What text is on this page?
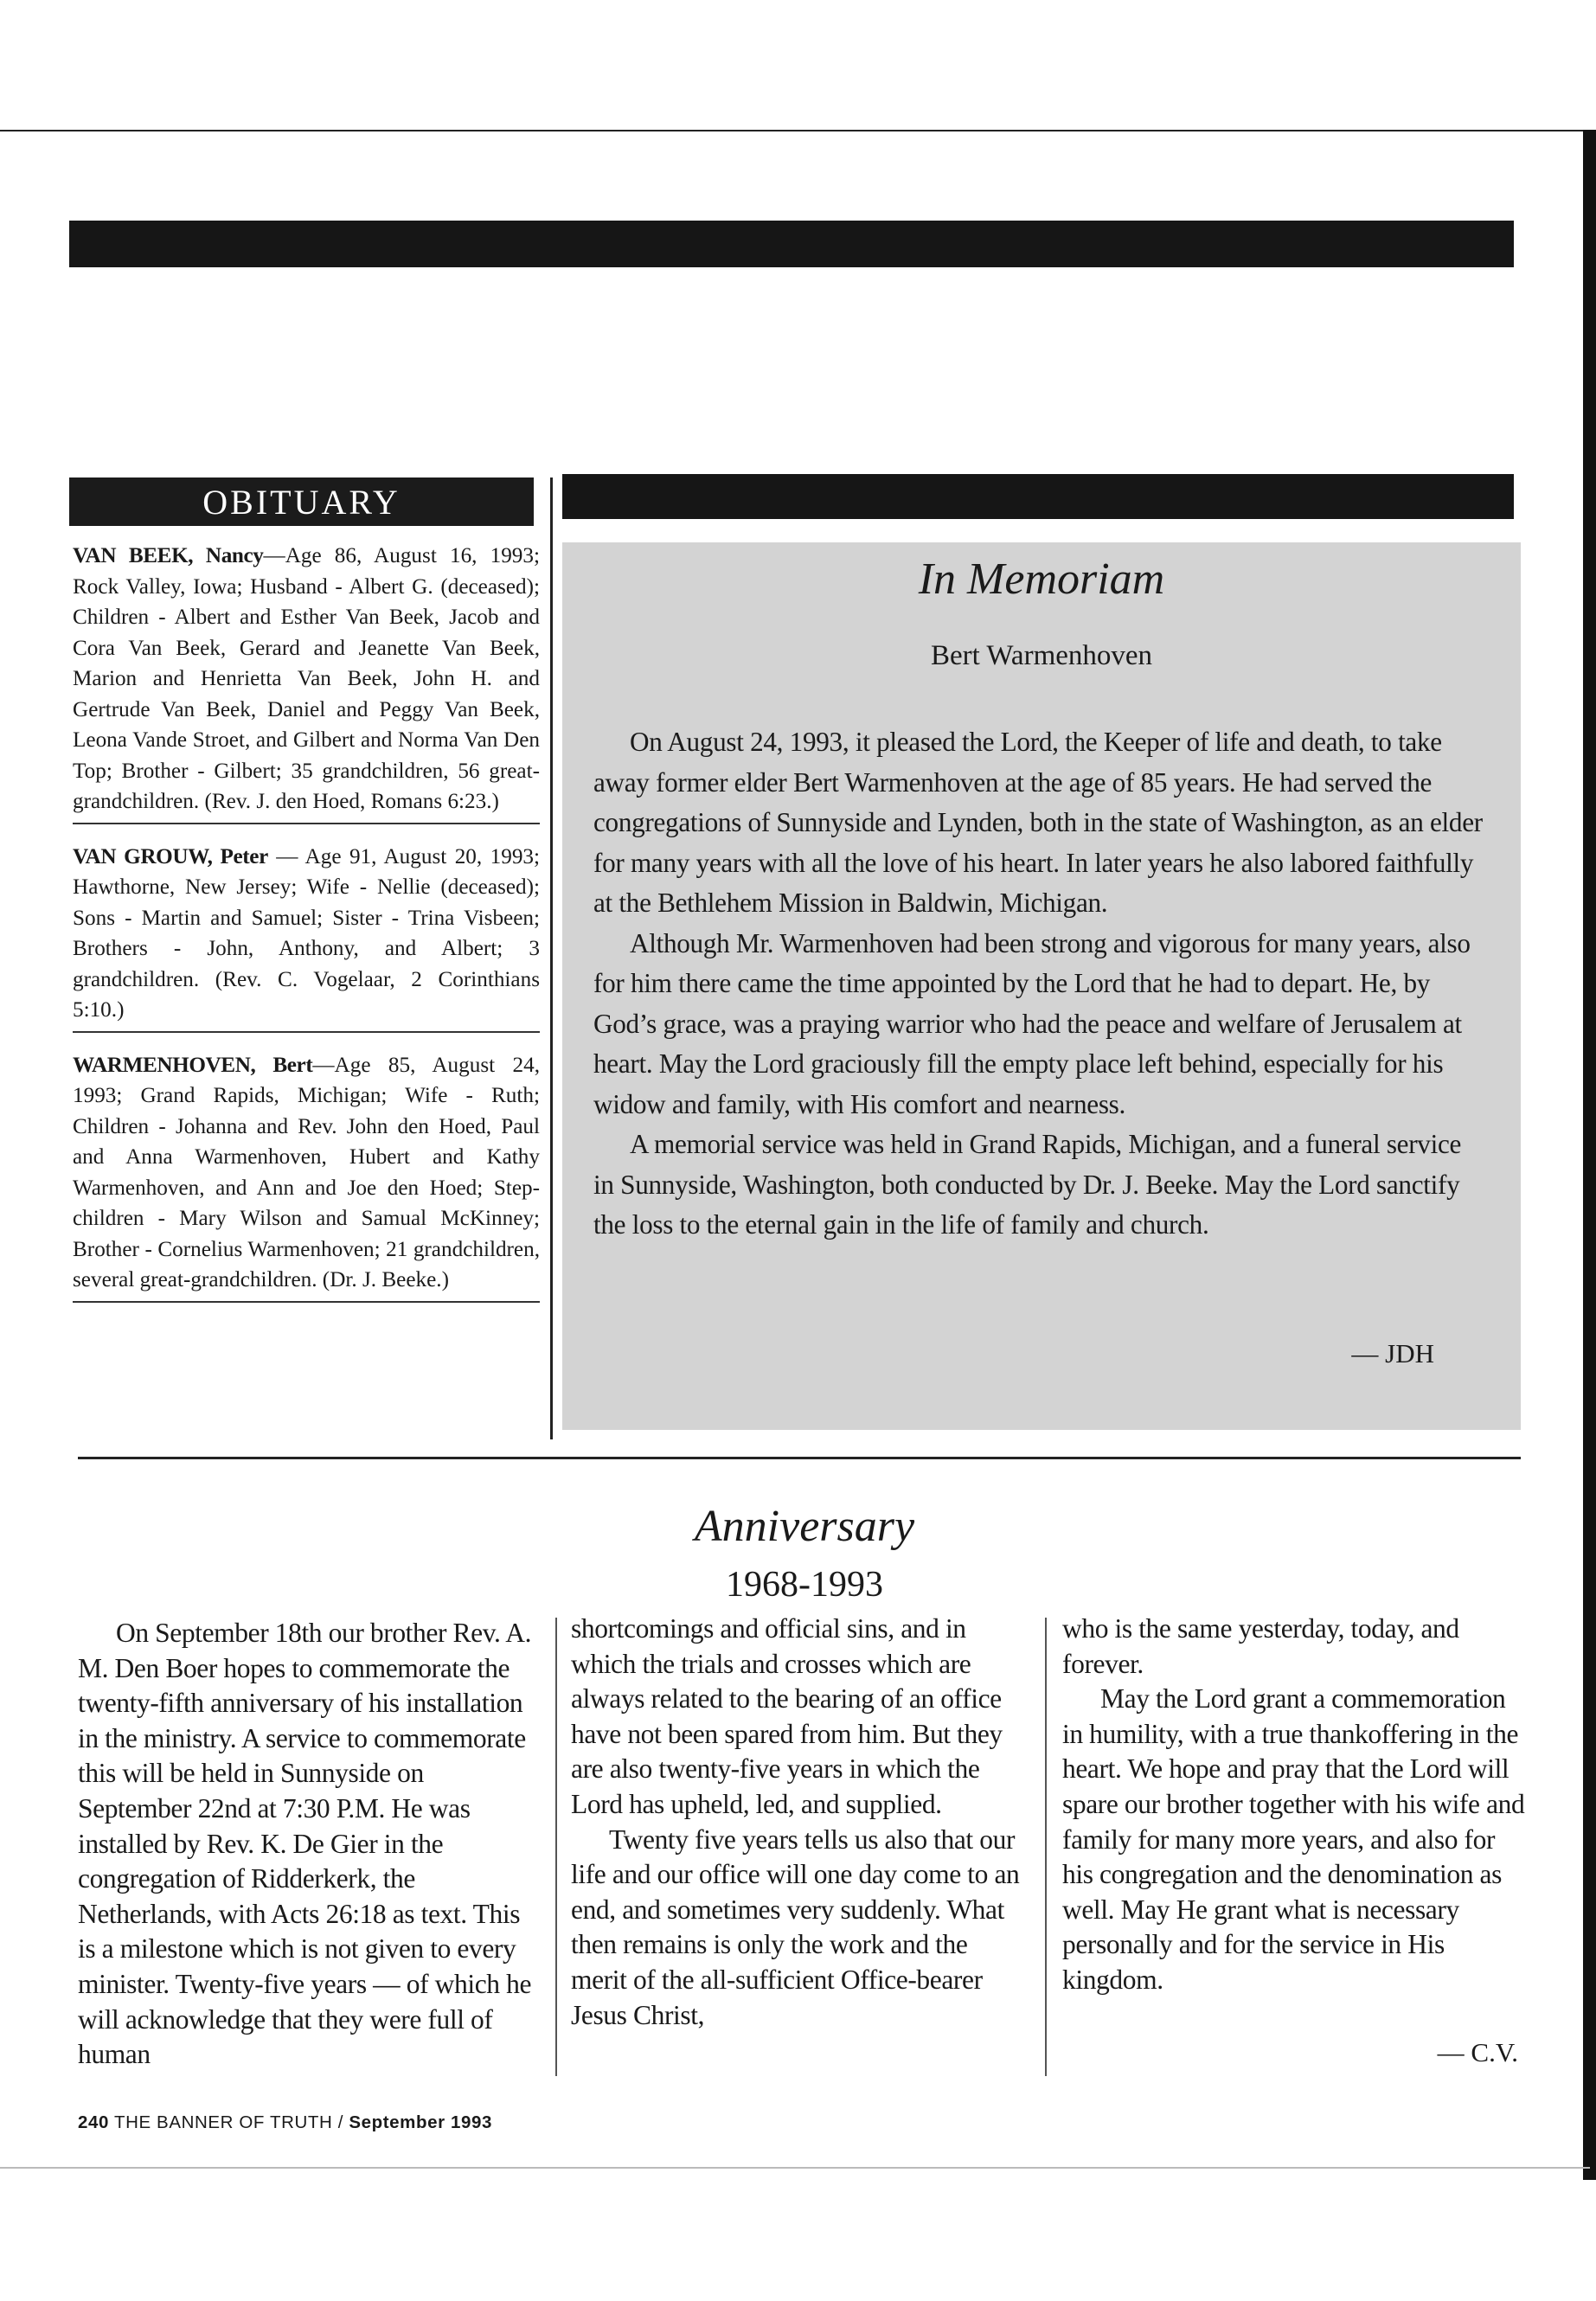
OBITUARY
VAN BEEK, Nancy—Age 86, August 16, 1993; Rock Valley, Iowa; Husband - Albert G. (deceased); Children - Albert and Esther Van Beek, Jacob and Cora Van Beek, Gerard and Jeanette Van Beek, Marion and Henrietta Van Beek, John H. and Gertrude Van Beek, Daniel and Peggy Van Beek, Leona Vande Stroet, and Gilbert and Norma Van Den Top; Brother - Gilbert; 35 grandchildren, 56 great-grandchildren. (Rev. J. den Hoed, Romans 6:23.)
VAN GROUW, Peter — Age 91, August 20, 1993; Hawthorne, New Jersey; Wife - Nellie (deceased); Sons - Martin and Samuel; Sister - Trina Visbeen; Brothers - John, Anthony, and Albert; 3 grandchildren. (Rev. C. Vogelaar, 2 Corinthians 5:10.)
WARMENHOVEN, Bert—Age 85, August 24, 1993; Grand Rapids, Michigan; Wife - Ruth; Children - Johanna and Rev. John den Hoed, Paul and Anna Warmenhoven, Hubert and Kathy Warmenhoven, and Ann and Joe den Hoed; Step-children - Mary Wilson and Samual McKinney; Brother - Cornelius Warmenhoven; 21 grandchildren, several great-grandchildren. (Dr. J. Beeke.)
In Memoriam
Bert Warmenhoven

On August 24, 1993, it pleased the Lord, the Keeper of life and death, to take away former elder Bert Warmenhoven at the age of 85 years. He had served the congregations of Sunnyside and Lynden, both in the state of Washington, as an elder for many years with all the love of his heart. In later years he also labored faithfully at the Bethlehem Mission in Baldwin, Michigan.

Although Mr. Warmenhoven had been strong and vigorous for many years, also for him there came the time appointed by the Lord that he had to depart. He, by God’s grace, was a praying warrior who had the peace and welfare of Jerusalem at heart. May the Lord graciously fill the empty place left behind, especially for his widow and family, with His comfort and nearness.

A memorial service was held in Grand Rapids, Michigan, and a funeral service in Sunnyside, Washington, both conducted by Dr. J. Beeke. May the Lord sanctify the loss to the eternal gain in the life of family and church.

— JDH
Anniversary
1968-1993

On September 18th our brother Rev. A. M. Den Boer hopes to commemorate the twenty-fifth anniversary of his installation in the ministry. A service to commemorate this will be held in Sunnyside on September 22nd at 7:30 P.M. He was installed by Rev. K. De Gier in the congregation of Ridderkerk, the Netherlands, with Acts 26:18 as text. This is a milestone which is not given to every minister. Twenty-five years — of which he will acknowledge that they were full of human

shortcomings and official sins, and in which the trials and crosses which are always related to the bearing of an office have not been spared from him. But they are also twenty-five years in which the Lord has upheld, led, and supplied.

Twenty five years tells us also that our life and our office will one day come to an end, and sometimes very suddenly. What then remains is only the work and the merit of the all-sufficient Office-bearer Jesus Christ,

who is the same yesterday, today, and forever.

May the Lord grant a commemoration in humility, with a true thankoffering in the heart. We hope and pray that the Lord will spare our brother together with his wife and family for many more years, and also for his congregation and the denomination as well. May He grant what is necessary personally and for the service in His kingdom.

— C.V.
240 THE BANNER OF TRUTH / September 1993
